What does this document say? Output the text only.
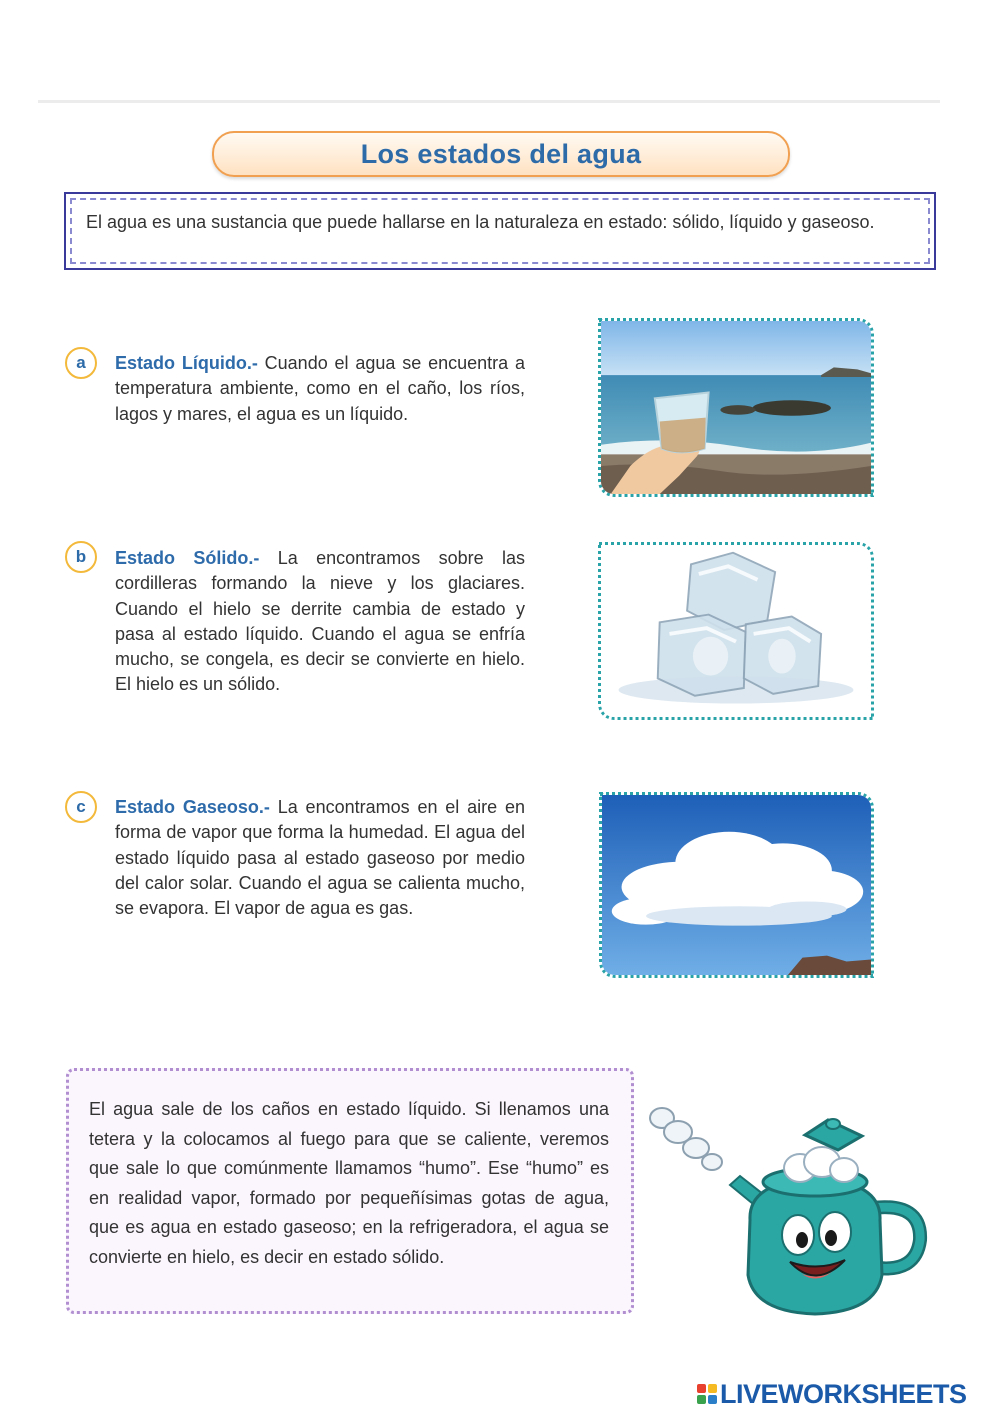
Los estados del agua
El agua es una sustancia que puede hallarse en la naturaleza en estado: sólido, líquido y gaseoso.
a	Estado Líquido.- Cuando el agua se encuentra a temperatura ambiente, como en el caño, los ríos, lagos y mares, el agua es un líquido.

b	Estado Sólido.- La encontramos sobre las cordilleras formando la nieve y los glaciares. Cuando el hielo se derrite cambia de estado y pasa al estado líquido. Cuando el agua se enfría mucho, se congela, es decir se convierte en hielo. El hielo es un sólido.

c	Estado Gaseoso.- La encontramos en el aire en forma de vapor que forma la humedad. El agua del estado líquido pasa al estado gaseoso por medio del calor solar. Cuando el agua se calienta mucho, se evapora. El vapor de agua es gas.

El agua sale de los caños en estado líquido. Si llenamos una tetera y la colocamos al fuego para que se caliente, veremos que sale lo que comúnmente llamamos “humo”. Ese “humo” es en realidad vapor, formado por pequeñísimas gotas de agua, que es agua en estado gaseoso; en la refrigeradora, el agua se convierte en hielo, es decir en estado sólido.
LIVEWORKSHEETS
